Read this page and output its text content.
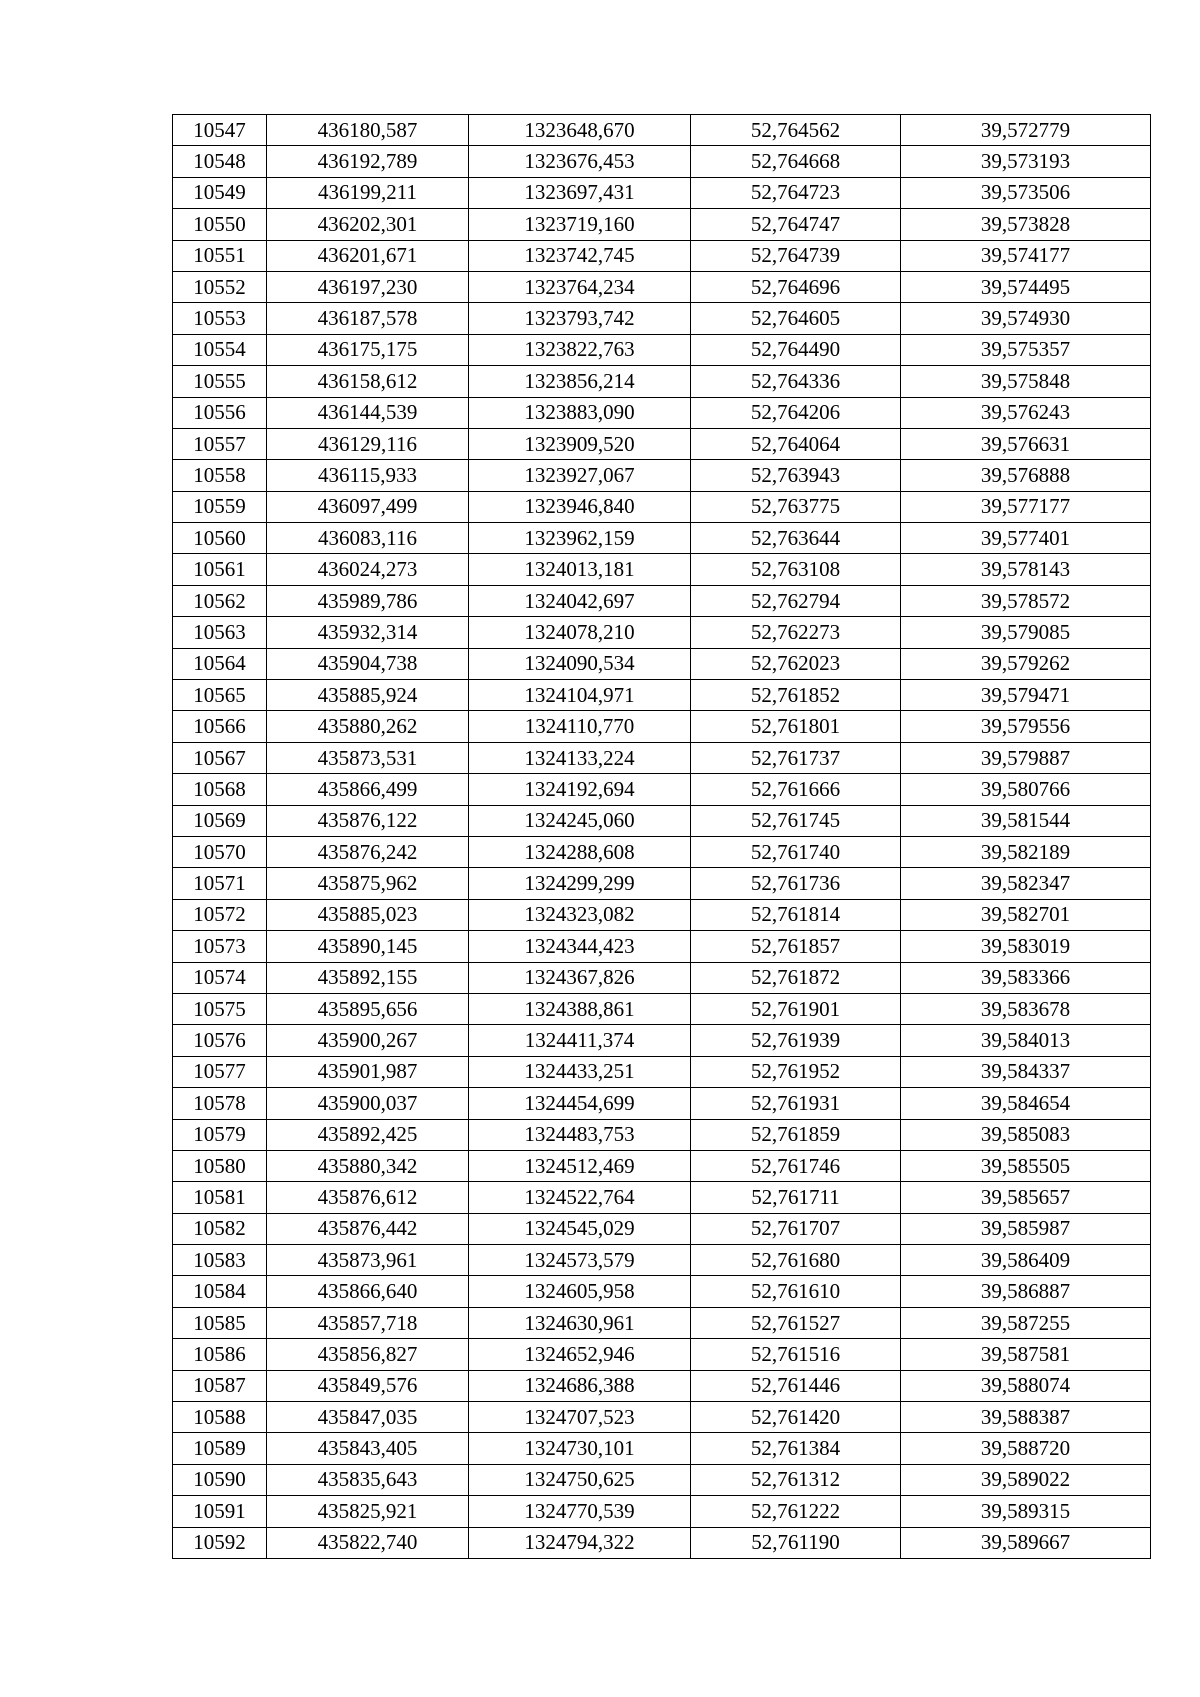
10547	436180,587	1323648,670	52,764562	39,572779
10548	436192,789	1323676,453	52,764668	39,573193
10549	436199,211	1323697,431	52,764723	39,573506
10550	436202,301	1323719,160	52,764747	39,573828
10551	436201,671	1323742,745	52,764739	39,574177
10552	436197,230	1323764,234	52,764696	39,574495
10553	436187,578	1323793,742	52,764605	39,574930
10554	436175,175	1323822,763	52,764490	39,575357
10555	436158,612	1323856,214	52,764336	39,575848
10556	436144,539	1323883,090	52,764206	39,576243
10557	436129,116	1323909,520	52,764064	39,576631
10558	436115,933	1323927,067	52,763943	39,576888
10559	436097,499	1323946,840	52,763775	39,577177
10560	436083,116	1323962,159	52,763644	39,577401
10561	436024,273	1324013,181	52,763108	39,578143
10562	435989,786	1324042,697	52,762794	39,578572
10563	435932,314	1324078,210	52,762273	39,579085
10564	435904,738	1324090,534	52,762023	39,579262
10565	435885,924	1324104,971	52,761852	39,579471
10566	435880,262	1324110,770	52,761801	39,579556
10567	435873,531	1324133,224	52,761737	39,579887
10568	435866,499	1324192,694	52,761666	39,580766
10569	435876,122	1324245,060	52,761745	39,581544
10570	435876,242	1324288,608	52,761740	39,582189
10571	435875,962	1324299,299	52,761736	39,582347
10572	435885,023	1324323,082	52,761814	39,582701
10573	435890,145	1324344,423	52,761857	39,583019
10574	435892,155	1324367,826	52,761872	39,583366
10575	435895,656	1324388,861	52,761901	39,583678
10576	435900,267	1324411,374	52,761939	39,584013
10577	435901,987	1324433,251	52,761952	39,584337
10578	435900,037	1324454,699	52,761931	39,584654
10579	435892,425	1324483,753	52,761859	39,585083
10580	435880,342	1324512,469	52,761746	39,585505
10581	435876,612	1324522,764	52,761711	39,585657
10582	435876,442	1324545,029	52,761707	39,585987
10583	435873,961	1324573,579	52,761680	39,586409
10584	435866,640	1324605,958	52,761610	39,586887
10585	435857,718	1324630,961	52,761527	39,587255
10586	435856,827	1324652,946	52,761516	39,587581
10587	435849,576	1324686,388	52,761446	39,588074
10588	435847,035	1324707,523	52,761420	39,588387
10589	435843,405	1324730,101	52,761384	39,588720
10590	435835,643	1324750,625	52,761312	39,589022
10591	435825,921	1324770,539	52,761222	39,589315
10592	435822,740	1324794,322	52,761190	39,589667
